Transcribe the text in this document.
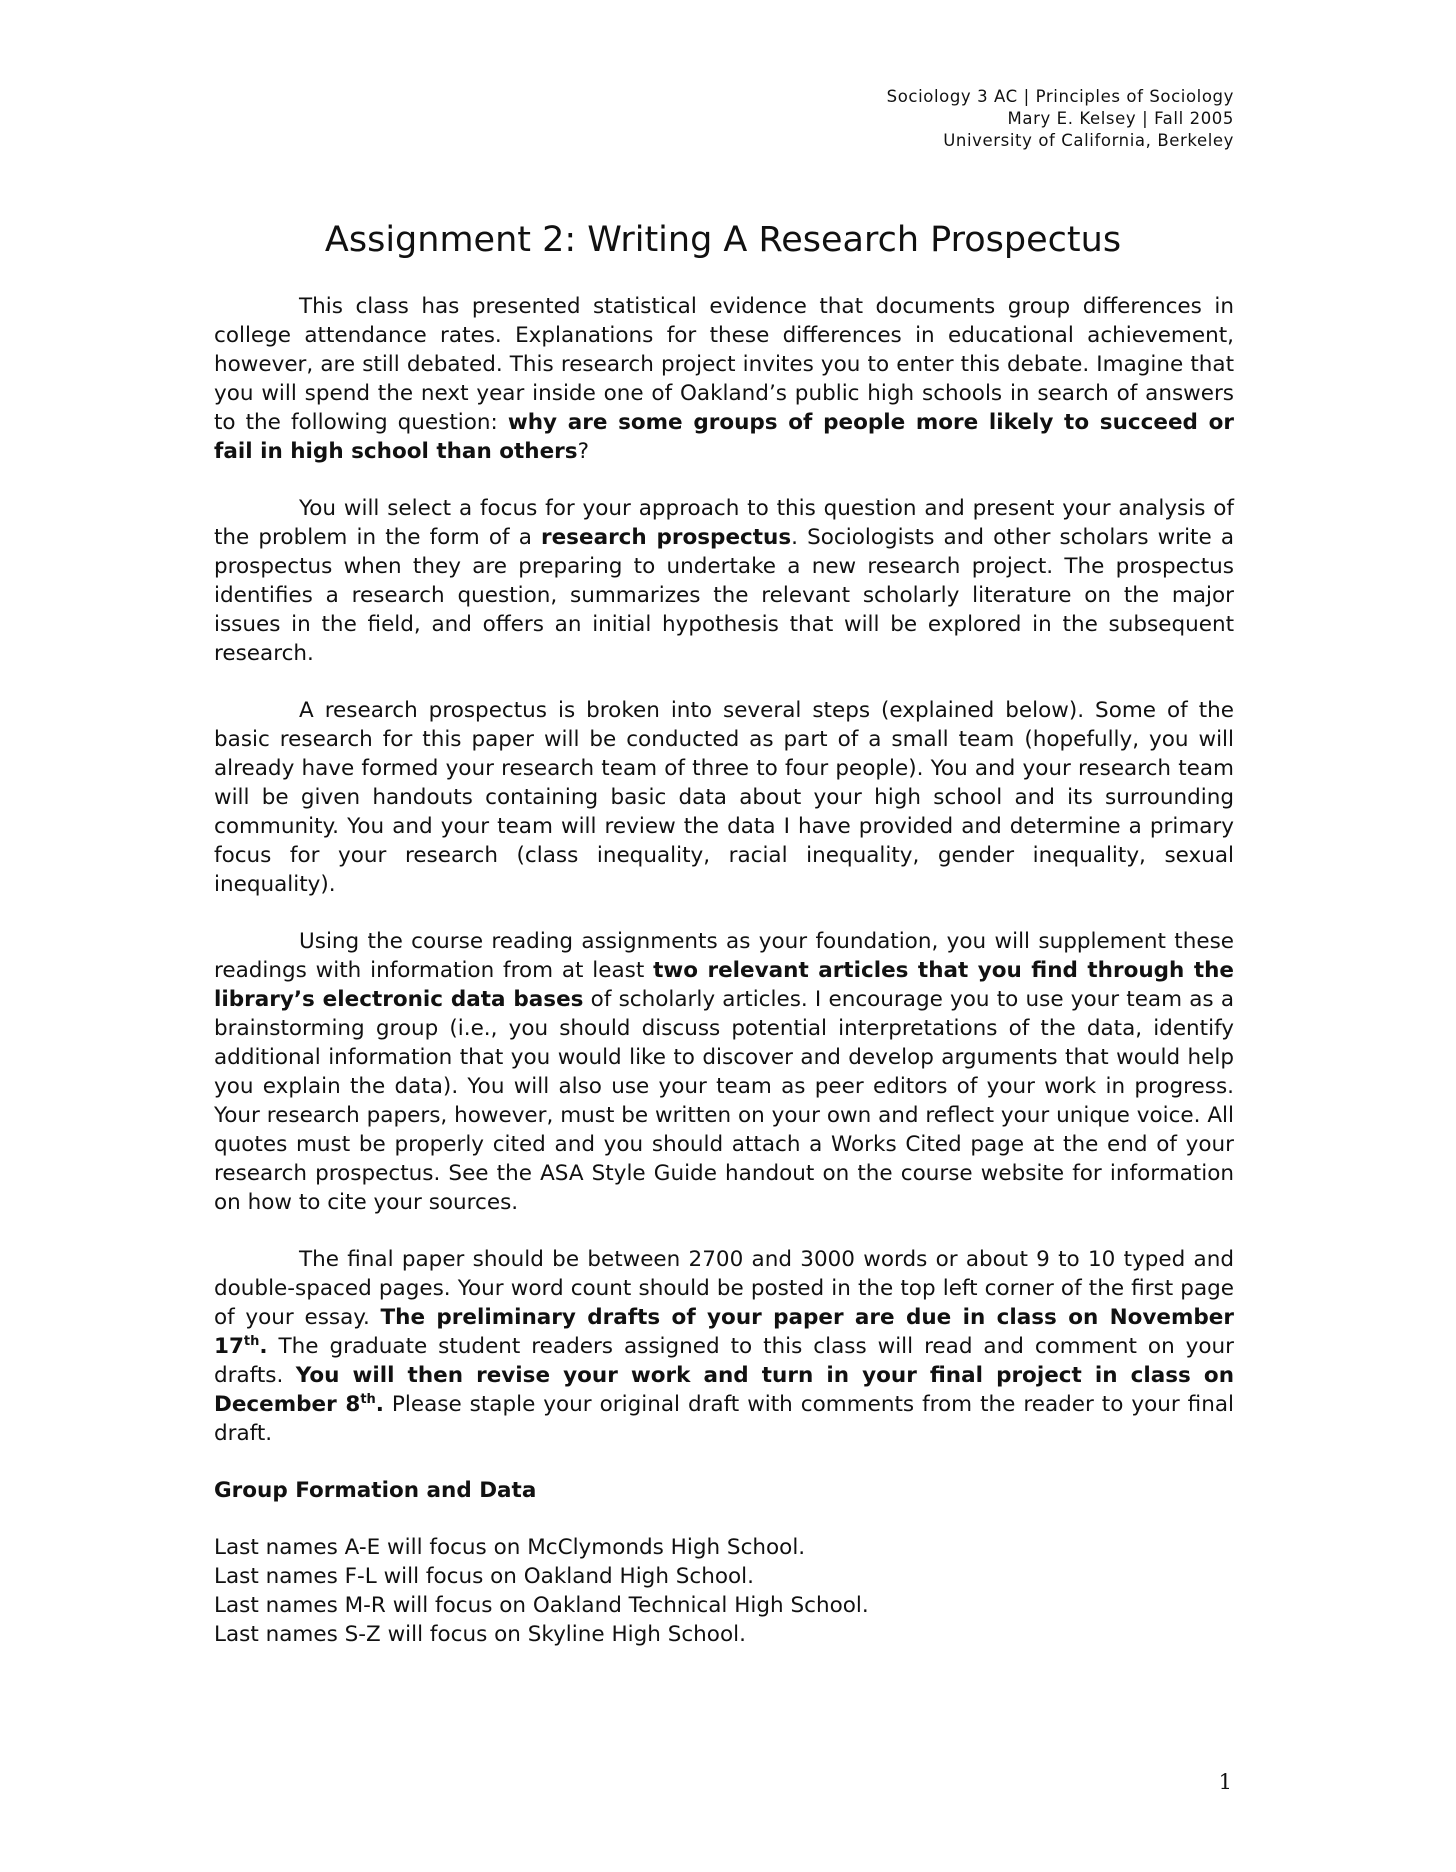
Sociology 3 AC | Principles of Sociology
Mary E. Kelsey | Fall 2005
University of California, Berkeley
Assignment 2: Writing A Research Prospectus

This class has presented statistical evidence that documents group differences in college attendance rates. Explanations for these differences in educational achievement, however, are still debated. This research project invites you to enter this debate. Imagine that you will spend the next year inside one of Oakland’s public high schools in search of answers to the following question: why are some groups of people more likely to succeed or fail in high school than others?

You will select a focus for your approach to this question and present your analysis of the problem in the form of a research prospectus. Sociologists and other scholars write a prospectus when they are preparing to undertake a new research project. The prospectus identifies a research question, summarizes the relevant scholarly literature on the major issues in the field, and offers an initial hypothesis that will be explored in the subsequent research.

A research prospectus is broken into several steps (explained below). Some of the basic research for this paper will be conducted as part of a small team (hopefully, you will already have formed your research team of three to four people). You and your research team will be given handouts containing basic data about your high school and its surrounding community. You and your team will review the data I have provided and determine a primary focus for your research (class inequality, racial inequality, gender inequality, sexual inequality).

Using the course reading assignments as your foundation, you will supplement these readings with information from at least two relevant articles that you find through the library’s electronic data bases of scholarly articles. I encourage you to use your team as a brainstorming group (i.e., you should discuss potential interpretations of the data, identify additional information that you would like to discover and develop arguments that would help you explain the data). You will also use your team as peer editors of your work in progress. Your research papers, however, must be written on your own and reflect your unique voice. All quotes must be properly cited and you should attach a Works Cited page at the end of your research prospectus. See the ASA Style Guide handout on the course website for information on how to cite your sources.

The final paper should be between 2700 and 3000 words or about 9 to 10 typed and double-spaced pages. Your word count should be posted in the top left corner of the first page of your essay. The preliminary drafts of your paper are due in class on November 17th. The graduate student readers assigned to this class will read and comment on your drafts. You will then revise your work and turn in your final project in class on December 8th. Please staple your original draft with comments from the reader to your final draft.

Group Formation and Data
Last names A-E will focus on McClymonds High School.
Last names F-L will focus on Oakland High School.
Last names M-R will focus on Oakland Technical High School.
Last names S-Z will focus on Skyline High School.
1
